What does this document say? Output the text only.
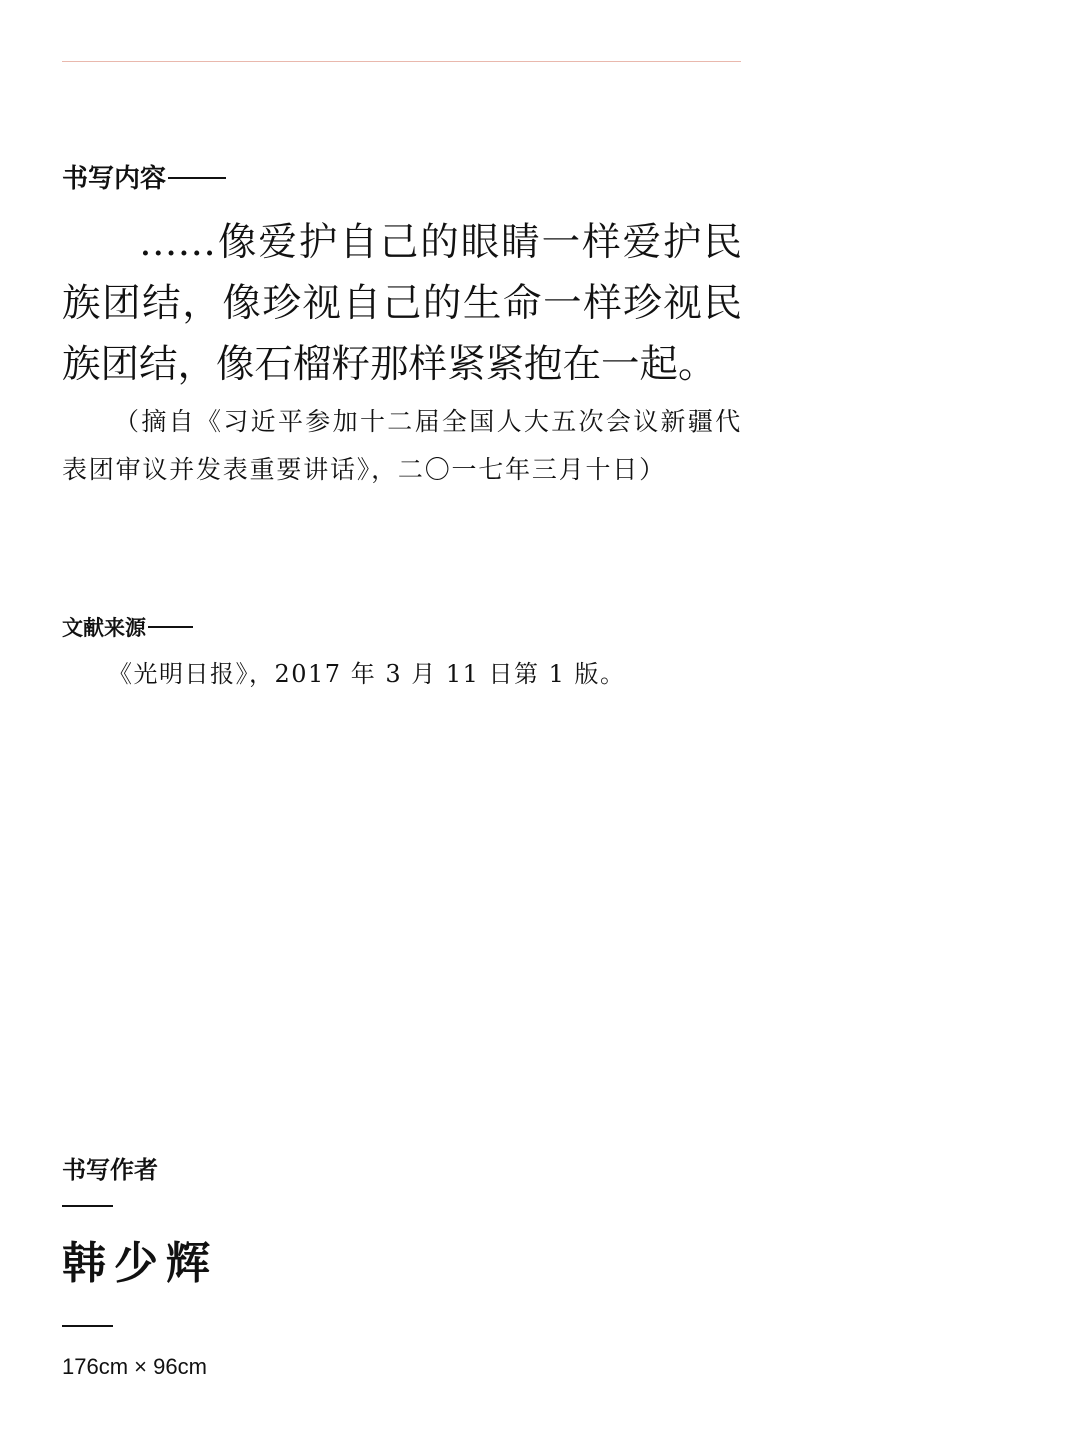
书写内容

……像爱护自己的眼睛一样爱护民族团结，像珍视自己的生命一样珍视民族团结，像石榴籽那样紧紧抱在一起。

（摘自《习近平参加十二届全国人大五次会议新疆代表团审议并发表重要讲话》，二〇一七年三月十日）

文献来源

《光明日报》，2017 年 3 月 11 日第 1 版。

书写作者

韩少辉

176cm × 96cm
